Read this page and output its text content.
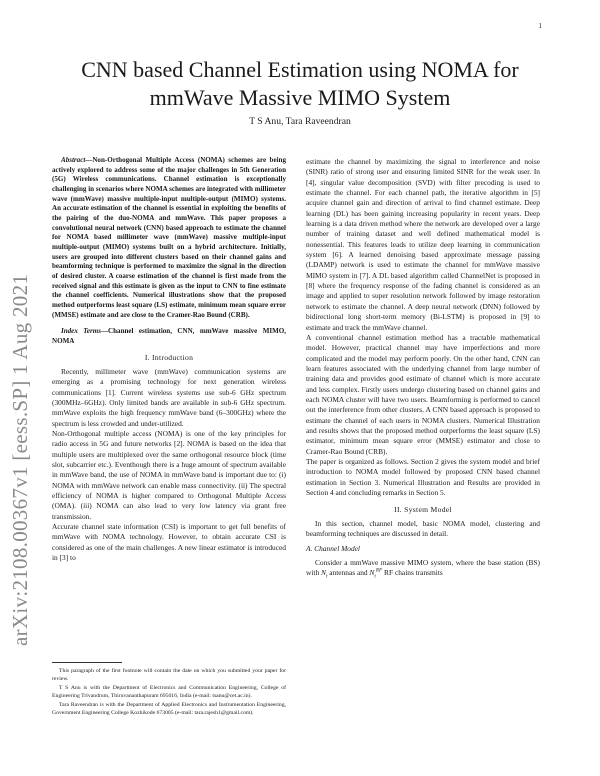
1
arXiv:2108.00367v1 [eess.SP] 1 Aug 2021
CNN based Channel Estimation using NOMA for
mmWave Massive MIMO System
T S Anu, Tara Raveendran

Abstract—Non-Orthogonal Multiple Access (NOMA) schemes are being actively explored to address some of the major challenges in 5th Generation (5G) Wireless communications. Channel estimation is exceptionally challenging in scenarios where NOMA schemes are integrated with millimeter wave (mmWave) massive multiple-input multiple-output (MIMO) systems. An accurate estimation of the channel is essential in exploiting the benefits of the pairing of the duo-NOMA and mmWave. This paper proposes a convolutional neural network (CNN) based approach to estimate the channel for NOMA based millimeter wave (mmWave) massive multiple-input multiple-output (MIMO) systems built on a hybrid architecture. Initially, users are grouped into different clusters based on their channel gains and beamforming technique is performed to maximize the signal in the direction of desired cluster. A coarse estimation of the channel is first made from the received signal and this estimate is given as the input to CNN to fine estimate the channel coefficients. Numerical illustrations show that the proposed method outperforms least square (LS) estimate, minimum mean square error (MMSE) estimate and are close to the Cramer-Rao Bound (CRB).

Index Terms—Channel estimation, CNN, mmWave massive MIMO, NOMA

I. Introduction

Recently, millimeter wave (mmWave) communication systems are emerging as a promising technology for next generation wireless communications [1]. Current wireless systems use sub-6 GHz spectrum (300MHz–6GHz). Only limited bands are available in sub-6 GHz spectrum. mmWave exploits the high frequency mmWave band (6–300GHz) where the spectrum is less crowded and under-utilized.

Non-Orthogonal multiple access (NOMA) is one of the key principles for radio access in 5G and future networks [2]. NOMA is based on the idea that multiple users are multiplexed over the same orthogonal resource block (time slot, subcarrier etc.). Eventhough there is a huge amount of spectrum available in mmWave band, the use of NOMA in mmWave band is important due to: (i) NOMA with mmWave network can enable mass connectivity. (ii) The spectral efficiency of NOMA is higher compared to Orthogonal Multiple Access (OMA). (iii) NOMA can also lead to very low latency via grant free transmission.

Accurate channel state information (CSI) is important to get full benefits of mmWave with NOMA technology. However, to obtain accurate CSI is considered as one of the main challenges. A new linear estimator is introduced in [3] to

This paragraph of the first footnote will contain the date on which you submitted your paper for review.

T S Anu is with the Department of Electronics and Communication Engineering, College of Engineering Trivandrum, Thiruvananthapuram 695016, India (e-mail: tsanu@cet.ac.in).

Tara Raveendran is with the Department of Applied Electronics and Instrumentation Engineering, Government Engineering College Kozhikode 673005 (e-mail: tara.rajesh1@gmail.com).

estimate the channel by maximizing the signal to interference and noise (SINR) ratio of strong user and ensuring limited SINR for the weak user. In [4], singular value decomposition (SVD) with filter precoding is used to estimate the channel. For each channel path, the iterative algorithm in [5] acquire channel gain and direction of arrival to find channel estimate. Deep learning (DL) has been gaining increasing popularity in recent years. Deep learning is a data driven method where the network are developed over a large number of training dataset and well defined mathematical model is nonessential. This features leads to utilize deep learning in communication system [6]. A learned denoising based approximate message passing (LDAMP) network is used to estimate the channel for mmWave massive MIMO system in [7]. A DL based algorithm called ChannelNet is proposed in [8] where the frequency response of the fading channel is considered as an image and applied to super resolution network followed by image restoration network to estimate the channel. A deep neural network (DNN) followed by bidirectional long short-term memory (Bi-LSTM) is proposed in [9] to estimate and track the mmWave channel.

A conventional channel estimation method has a tractable mathematical model. However, practical channel may have imperfections and more complicated and the model may perform poorly. On the other hand, CNN can learn features associated with the underlying channel from large number of training data and provides good estimate of channel which is more accurate and less complex. Firstly users undergo clustering based on channel gains and each NOMA cluster will have two users. Beamforming is performed to cancel out the interference from other clusters. A CNN based approach is proposed to estimate the channel of each users in NOMA clusters. Numerical Illustration and results shows that the proposed method outperforms the least square (LS) estimator, minimum mean square error (MMSE) estimator and close to Cramer-Rao Bound (CRB).

The paper is organized as follows. Section 2 gives the system model and brief introduction to NOMA model followed by proposed CNN based channel estimation in Section 3. Numerical Illustration and Results are provided in Section 4 and concluding remarks in Section 5.

II. System Model

In this section, channel model, basic NOMA model, clustering and beamforming techniques are discussed in detail.

A. Channel Model

Consider a mmWave massive MIMO system, where the base station (BS) with $N_t$ antennas and $N_t^{RF}$ RF chains transmits
